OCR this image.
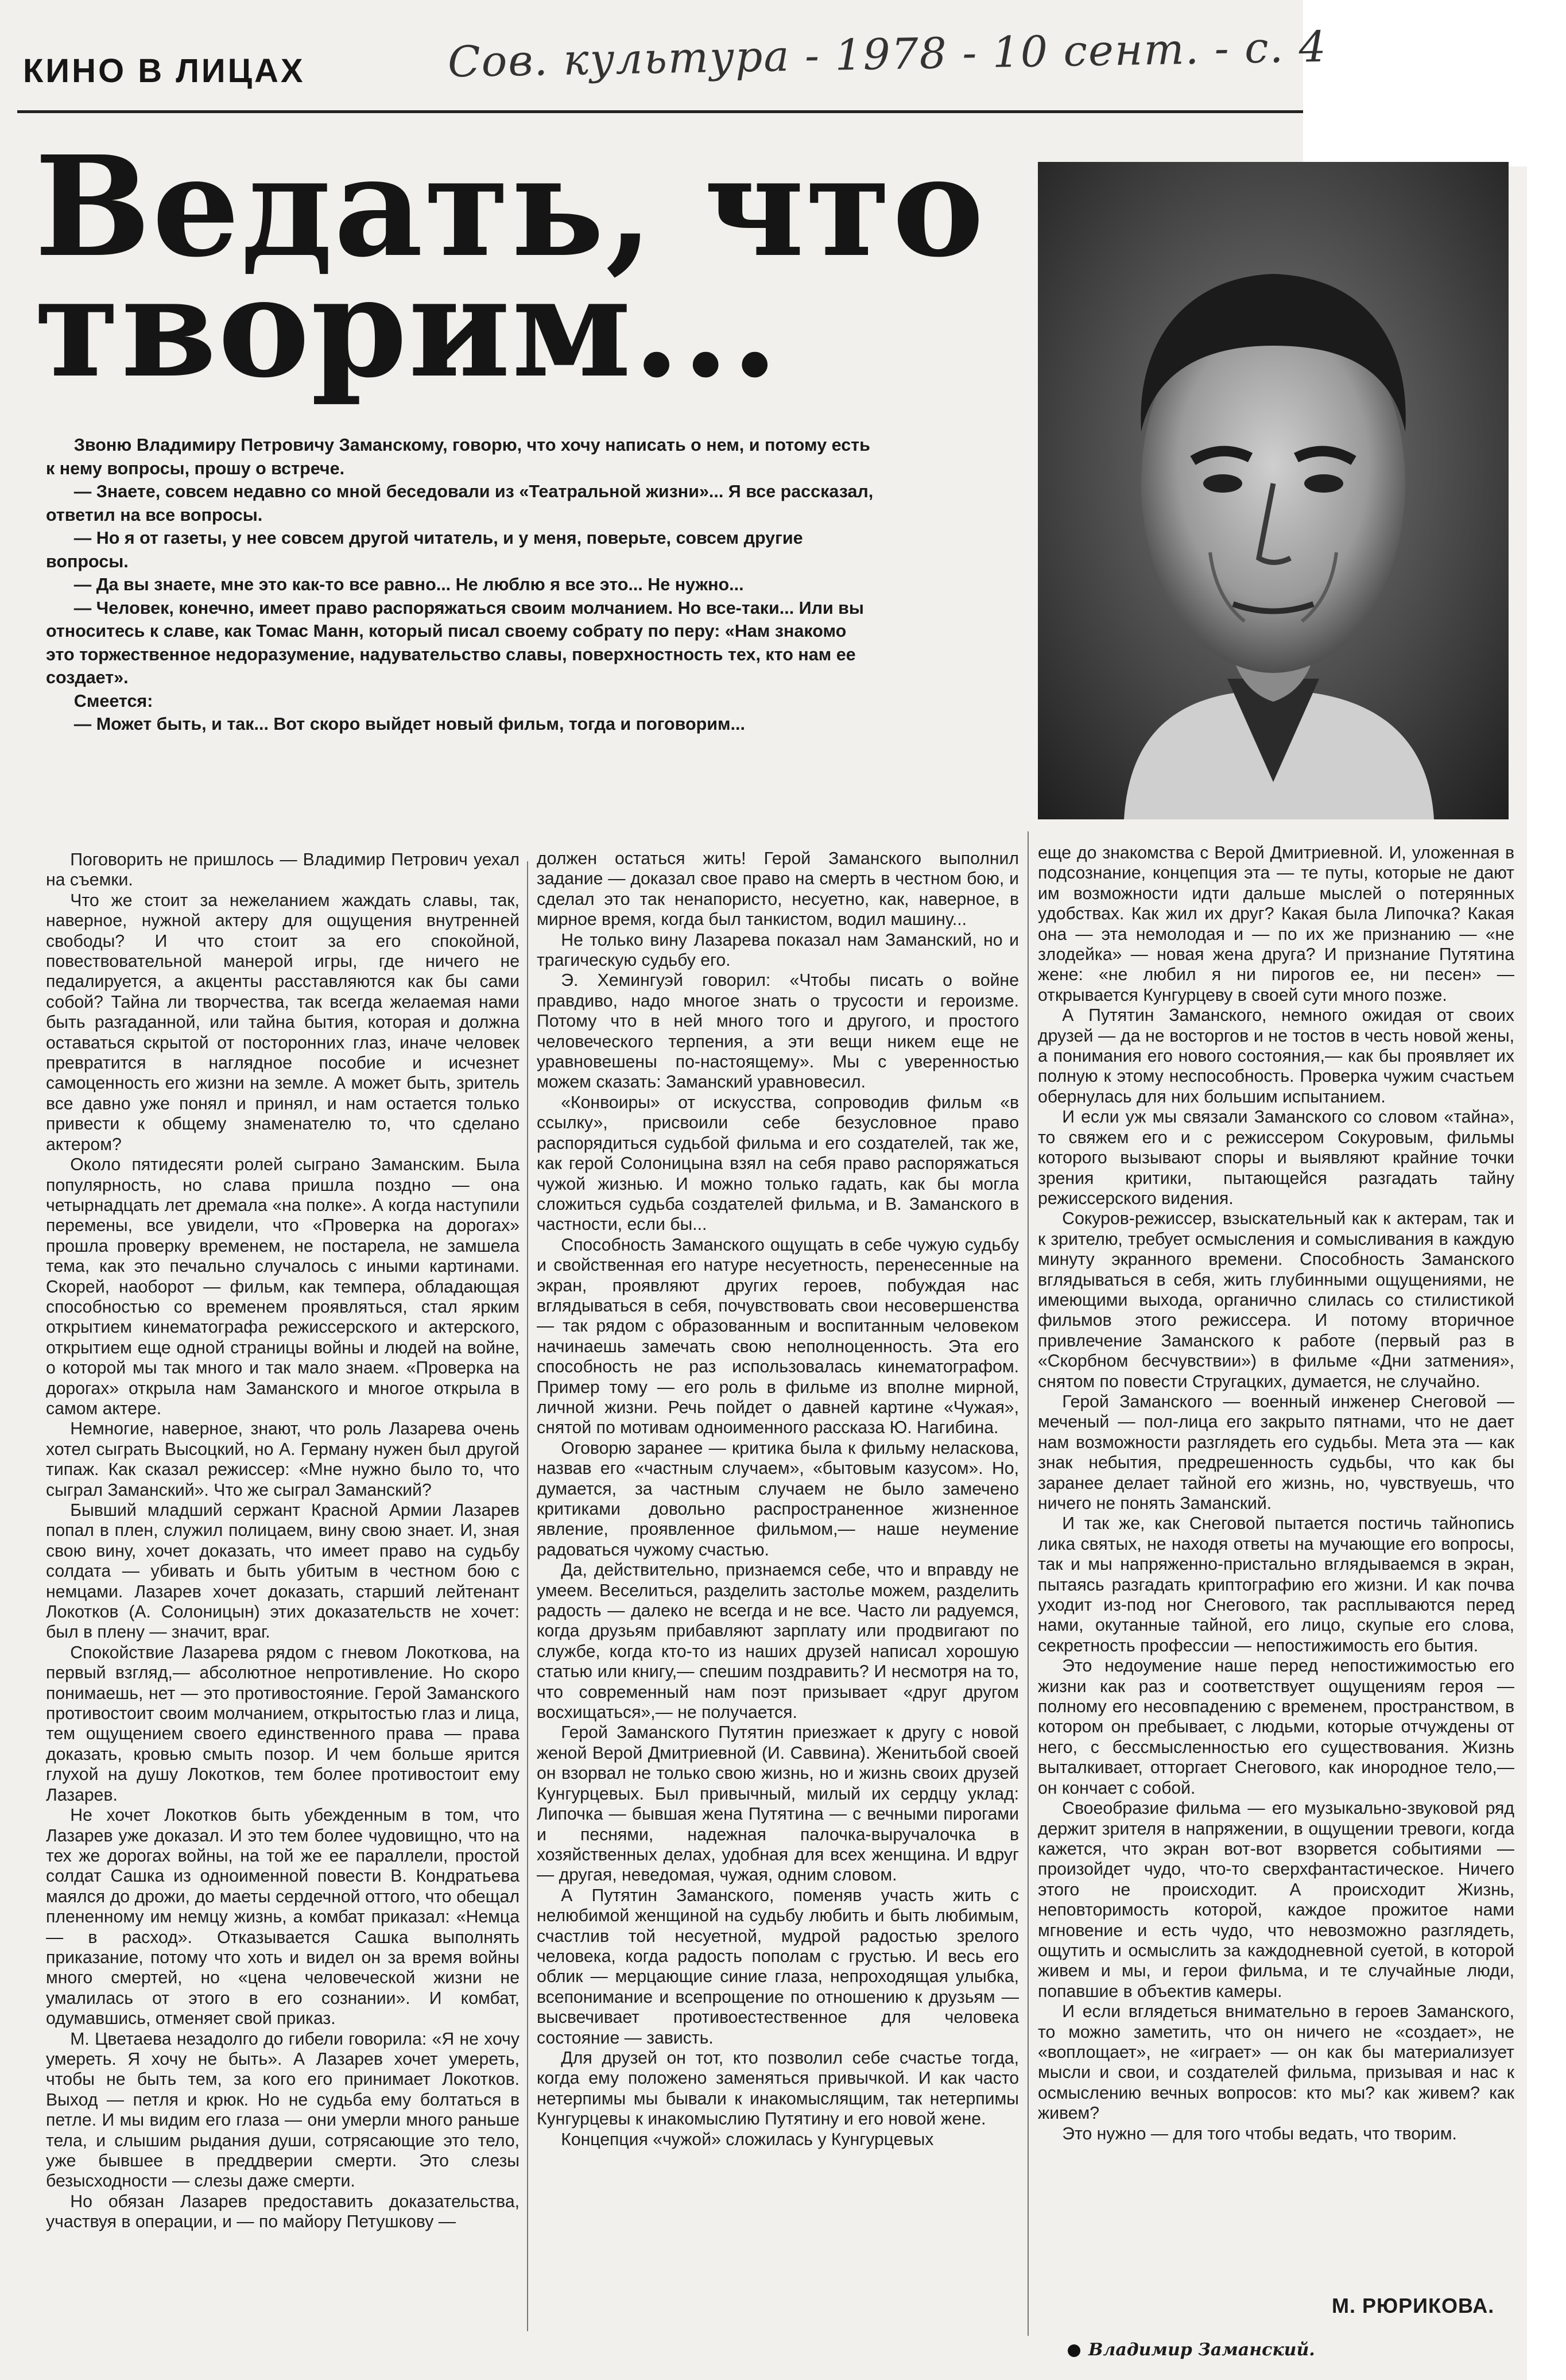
КИНО В ЛИЦАХ	Сов. культура - 1978 - 10 сент. - с. 4
Ведать, что
творим...

Звоню Владимиру Петровичу Заманскому, говорю, что хочу написать о нем, и потому есть к нему вопросы, прошу о встрече.

— Знаете, совсем недавно со мной беседовали из «Театральной жизни»... Я все рассказал, ответил на все вопросы.

— Но я от газеты, у нее совсем другой читатель, и у меня, поверьте, совсем другие вопросы.

— Да вы знаете, мне это как-то все равно... Не люблю я все это... Не нужно...

— Человек, конечно, имеет право распоряжаться своим молчанием. Но все-таки... Или вы относитесь к славе, как Томас Манн, который писал своему собрату по перу: «Нам знакомо это торжественное недоразумение, надувательство славы, поверхностность тех, кто нам ее создает».

Смеется:

— Может быть, и так... Вот скоро выйдет новый фильм, тогда и поговорим...

Поговорить не пришлось — Владимир Петрович уехал на съемки.

Что же стоит за нежеланием жаждать славы, так, наверное, нужной актеру для ощущения внутренней свободы? И что стоит за его спокойной, повествовательной манерой игры, где ничего не педалируется, а акценты расставляются как бы сами собой? Тайна ли творчества, так всегда желаемая нами быть разгаданной, или тайна бытия, которая и должна оставаться скрытой от посторонних глаз, иначе человек превратится в наглядное пособие и исчезнет самоценность его жизни на земле. А может быть, зритель все давно уже понял и принял, и нам остается только привести к общему знаменателю то, что сделано актером?

Около пятидесяти ролей сыграно Заманским. Была популярность, но слава пришла поздно — она четырнадцать лет дремала «на полке». А когда наступили перемены, все увидели, что «Проверка на дорогах» прошла проверку временем, не постарела, не замшела тема, как это печально случалось с иными картинами. Скорей, наоборот — фильм, как темпера, обладающая способностью со временем проявляться, стал ярким открытием кинематографа режиссерского и актерского, открытием еще одной страницы войны и людей на войне, о которой мы так много и так мало знаем. «Проверка на дорогах» открыла нам Заманского и многое открыла в самом актере.

Немногие, наверное, знают, что роль Лазарева очень хотел сыграть Высоцкий, но А. Герману нужен был другой типаж. Как сказал режиссер: «Мне нужно было то, что сыграл Заманский». Что же сыграл Заманский?

Бывший младший сержант Красной Армии Лазарев попал в плен, служил полицаем, вину свою знает. И, зная свою вину, хочет доказать, что имеет право на судьбу солдата — убивать и быть убитым в честном бою с немцами. Лазарев хочет доказать, старший лейтенант Локотков (А. Солоницын) этих доказательств не хочет: был в плену — значит, враг.

Спокойствие Лазарева рядом с гневом Локоткова, на первый взгляд,— абсолютное непротивление. Но скоро понимаешь, нет — это противостояние. Герой Заманского противостоит своим молчанием, открытостью глаз и лица, тем ощущением своего единственного права — права доказать, кровью смыть позор. И чем больше ярится глухой на душу Локотков, тем более противостоит ему Лазарев.

Не хочет Локотков быть убежденным в том, что Лазарев уже доказал. И это тем более чудовищно, что на тех же дорогах войны, на той же ее параллели, простой солдат Сашка из одноименной повести В. Кондратьева маялся до дрожи, до маеты сердечной оттого, что обещал плененному им немцу жизнь, а комбат приказал: «Немца — в расход». Отказывается Сашка выполнять приказание, потому что хоть и видел он за время войны много смертей, но «цена человеческой жизни не умалилась от этого в его сознании». И комбат, одумавшись, отменяет свой приказ.

М. Цветаева незадолго до гибели говорила: «Я не хочу умереть. Я хочу не быть». А Лазарев хочет умереть, чтобы не быть тем, за кого его принимает Локотков. Выход — петля и крюк. Но не судьба ему болтаться в петле. И мы видим его глаза — они умерли много раньше тела, и слышим рыдания души, сотрясающие это тело, уже бывшее в преддверии смерти. Это слезы безысходности — слезы даже смерти.

Но обязан Лазарев предоставить доказательства, участвуя в операции, и — по майору Петушкову —

должен остаться жить! Герой Заманского выполнил задание — доказал свое право на смерть в честном бою, и сделал это так ненапористо, несуетно, как, наверное, в мирное время, когда был танкистом, водил машину...

Не только вину Лазарева показал нам Заманский, но и трагическую судьбу его.

Э. Хемингуэй говорил: «Чтобы писать о войне правдиво, надо многое знать о трусости и героизме. Потому что в ней много того и другого, и простого человеческого терпения, а эти вещи никем еще не уравновешены по-настоящему». Мы с уверенностью можем сказать: Заманский уравновесил.

«Конвоиры» от искусства, сопроводив фильм «в ссылку», присвоили себе безусловное право распорядиться судьбой фильма и его создателей, так же, как герой Солоницына взял на себя право распоряжаться чужой жизнью. И можно только гадать, как бы могла сложиться судьба создателей фильма, и В. Заманского в частности, если бы...

Способность Заманского ощущать в себе чужую судьбу и свойственная его натуре несуетность, перенесенные на экран, проявляют других героев, побуждая нас вглядываться в себя, почувствовать свои несовершенства — так рядом с образованным и воспитанным человеком начинаешь замечать свою неполноценность. Эта его способность не раз использовалась кинематографом. Пример тому — его роль в фильме из вполне мирной, личной жизни. Речь пойдет о давней картине «Чужая», снятой по мотивам одноименного рассказа Ю. Нагибина.

Оговорю заранее — критика была к фильму неласкова, назвав его «частным случаем», «бытовым казусом». Но, думается, за частным случаем не было замечено критиками довольно распространенное жизненное явление, проявленное фильмом,— наше неумение радоваться чужому счастью.

Да, действительно, признаемся себе, что и вправду не умеем. Веселиться, разделить застолье можем, разделить радость — далеко не всегда и не все. Часто ли радуемся, когда друзьям прибавляют зарплату или продвигают по службе, когда кто-то из наших друзей написал хорошую статью или книгу,— спешим поздравить? И несмотря на то, что современный нам поэт призывает «друг другом восхищаться»,— не получается.

Герой Заманского Путятин приезжает к другу с новой женой Верой Дмитриевной (И. Саввина). Женитьбой своей он взорвал не только свою жизнь, но и жизнь своих друзей Кунгурцевых. Был привычный, милый их сердцу уклад: Липочка — бывшая жена Путятина — с вечными пирогами и песнями, надежная палочка-выручалочка в хозяйственных делах, удобная для всех женщина. И вдруг — другая, неведомая, чужая, одним словом.

А Путятин Заманского, поменяв участь жить с нелюбимой женщиной на судьбу любить и быть любимым, счастлив той несуетной, мудрой радостью зрелого человека, когда радость пополам с грустью. И весь его облик — мерцающие синие глаза, непроходящая улыбка, всепонимание и всепрощение по отношению к друзьям — высвечивает противоестественное для человека состояние — зависть.

Для друзей он тот, кто позволил себе счастье тогда, когда ему положено заменяться привычкой. И как часто нетерпимы мы бывали к инакомыслящим, так нетерпимы Кунгурцевы к инакомыслию Путятину и его новой жене.

Концепция «чужой» сложилась у Кунгурцевых

еще до знакомства с Верой Дмитриевной. И, уложенная в подсознание, концепция эта — те путы, которые не дают им возможности идти дальше мыслей о потерянных удобствах. Как жил их друг? Какая была Липочка? Какая она — эта немолодая и — по их же признанию — «не злодейка» — новая жена друга? И признание Путятина жене: «не любил я ни пирогов ее, ни песен» — открывается Кунгурцеву в своей сути много позже.

А Путятин Заманского, немного ожидая от своих друзей — да не восторгов и не тостов в честь новой жены, а понимания его нового состояния,— как бы проявляет их полную к этому неспособность. Проверка чужим счастьем обернулась для них большим испытанием.

И если уж мы связали Заманского со словом «тайна», то свяжем его и с режиссером Сокуровым, фильмы которого вызывают споры и выявляют крайние точки зрения критики, пытающейся разгадать тайну режиссерского видения.

Сокуров-режиссер, взыскательный как к актерам, так и к зрителю, требует осмысления и сомысливания в каждую минуту экранного времени. Способность Заманского вглядываться в себя, жить глубинными ощущениями, не имеющими выхода, органично слилась со стилистикой фильмов этого режиссера. И потому вторичное привлечение Заманского к работе (первый раз в «Скорбном бесчувствии») в фильме «Дни затмения», снятом по повести Стругацких, думается, не случайно.

Герой Заманского — военный инженер Снеговой — меченый — пол-лица его закрыто пятнами, что не дает нам возможности разглядеть его судьбы. Мета эта — как знак небытия, предрешенность судьбы, что как бы заранее делает тайной его жизнь, но, чувствуешь, что ничего не понять Заманский.

И так же, как Снеговой пытается постичь тайнопись лика святых, не находя ответы на мучающие его вопросы, так и мы напряженно-пристально вглядываемся в экран, пытаясь разгадать криптографию его жизни. И как почва уходит из-под ног Снегового, так расплываются перед нами, окутанные тайной, его лицо, скупые его слова, секретность профессии — непостижимость его бытия.

Это недоумение наше перед непостижимостью его жизни как раз и соответствует ощущениям героя — полному его несовпадению с временем, пространством, в котором он пребывает, с людьми, которые отчуждены от него, с бессмысленностью его существования. Жизнь выталкивает, отторгает Снегового, как инородное тело,— он кончает с собой.

Своеобразие фильма — его музыкально-звуковой ряд держит зрителя в напряжении, в ощущении тревоги, когда кажется, что экран вот-вот взорвется событиями — произойдет чудо, что-то сверхфантастическое. Ничего этого не происходит. А происходит Жизнь, неповторимость которой, каждое прожитое нами мгновение и есть чудо, что невозможно разглядеть, ощутить и осмыслить за каждодневной суетой, в которой живем и мы, и герои фильма, и те случайные люди, попавшие в объектив камеры.

И если вглядеться внимательно в героев Заманского, то можно заметить, что он ничего не «создает», не «воплощает», не «играет» — он как бы материализует мысли и свои, и создателей фильма, призывая и нас к осмыслению вечных вопросов: кто мы? как живем? как живем?

Это нужно — для того чтобы ведать, что творим.

М. РЮРИКОВА.
Владимир Заманский.
